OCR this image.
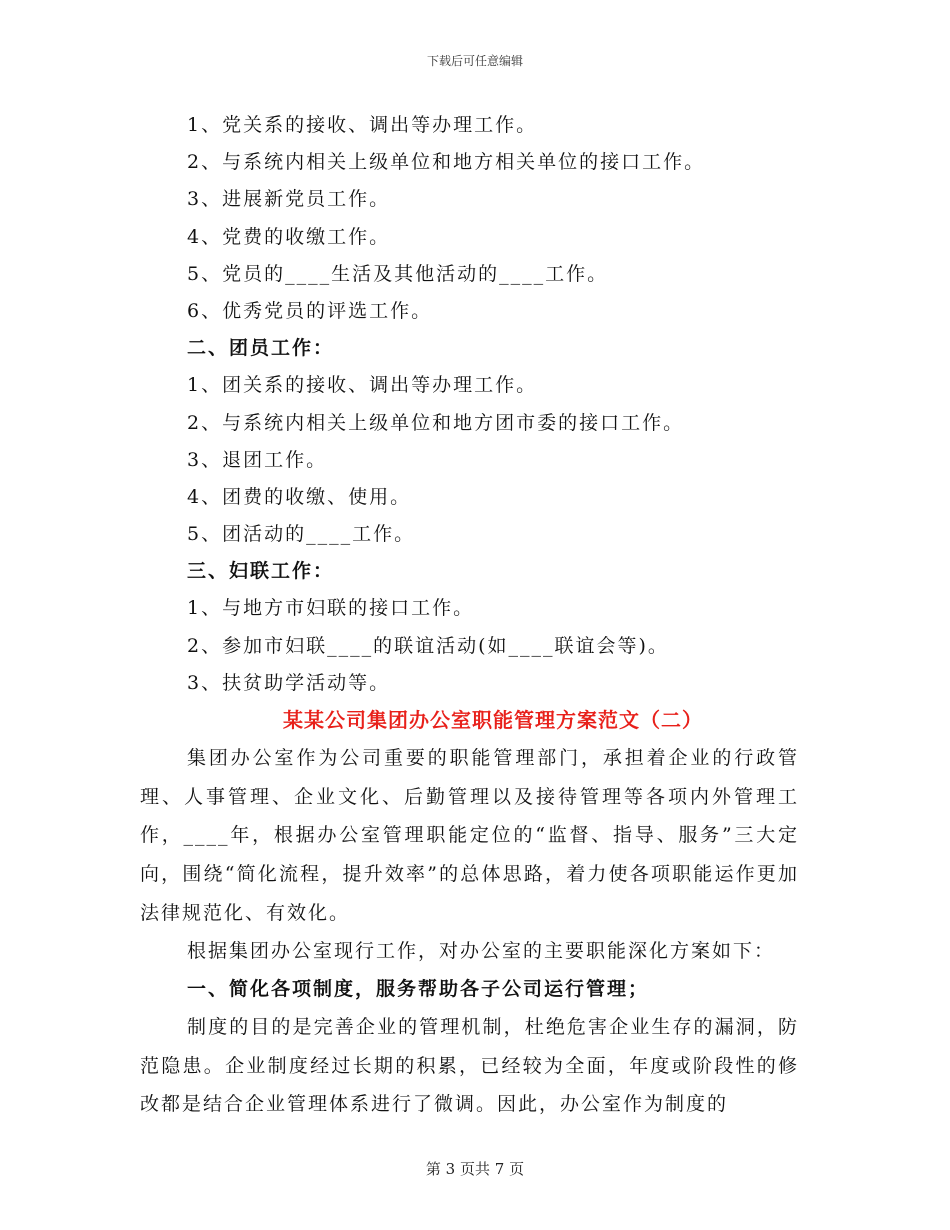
下载后可任意编辑
1、党关系的接收、调出等办理工作。
2、与系统内相关上级单位和地方相关单位的接口工作。
3、进展新党员工作。
4、党费的收缴工作。
5、党员的____生活及其他活动的____工作。
6、优秀党员的评选工作。
二、团员工作：
1、团关系的接收、调出等办理工作。
2、与系统内相关上级单位和地方团市委的接口工作。
3、退团工作。
4、团费的收缴、使用。
5、团活动的____工作。
三、妇联工作：
1、与地方市妇联的接口工作。
2、参加市妇联____的联谊活动(如____联谊会等)。
3、扶贫助学活动等。
某某公司集团办公室职能管理方案范文（二）
集团办公室作为公司重要的职能管理部门，承担着企业的行政管理、人事管理、企业文化、后勤管理以及接待管理等各项内外管理工作，____年，根据办公室管理职能定位的“监督、指导、服务”三大定向，围绕“简化流程，提升效率”的总体思路，着力使各项职能运作更加法律规范化、有效化。
根据集团办公室现行工作，对办公室的主要职能深化方案如下：
一、简化各项制度，服务帮助各子公司运行管理；
制度的目的是完善企业的管理机制，杜绝危害企业生存的漏洞，防范隐患。企业制度经过长期的积累，已经较为全面，年度或阶段性的修改都是结合企业管理体系进行了微调。因此，办公室作为制度的
第 3 页共 7 页
